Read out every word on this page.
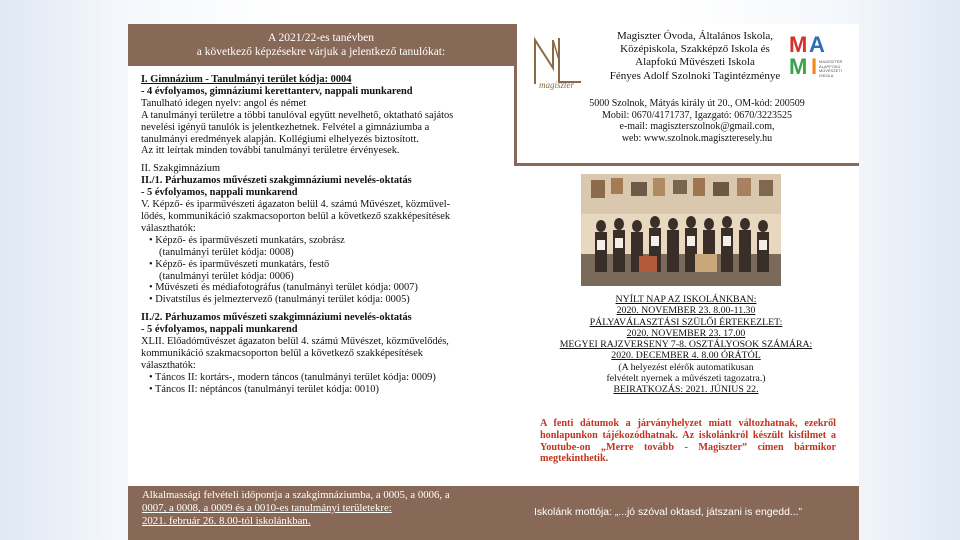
A 2021/22-es tanévben
a következő képzésekre várjuk a jelentkező tanulókat:

I. Gimnázium - Tanulmányi terület kódja: 0004

- 4 évfolyamos, gimnáziumi kerettanterv, nappali munkarend

Tanulható idegen nyelv: angol és német

A tanulmányi területre a többi tanulóval együtt nevelhető, oktatható sajátos

nevelési igényű tanulók is jelentkezhetnek. Felvétel a gimnáziumba a

tanulmányi eredmények alapján. Kollégiumi elhelyezés biztosított.

Az itt leírtak minden további tanulmányi területre érvényesek.

II. Szakgimnázium

II./1. Párhuzamos művészeti szakgimnáziumi nevelés-oktatás

- 5 évfolyamos, nappali munkarend

V. Képző- és iparművészeti ágazaton belül 4. számú Művészet, közművel-

lődés, kommunikáció szakmacsoporton belül a következő szakképesítések

választhatók:

• Képző- és iparművészeti munkatárs, szobrász

(tanulmányi terület kódja: 0008)

• Képző- és iparművészeti munkatárs, festő

(tanulmányi terület kódja: 0006)

• Művészeti és médiafotográfus (tanulmányi terület kódja: 0007)

• Divatstílus és jelmeztervező (tanulmányi terület kódja: 0005)

II./2. Párhuzamos művészeti szakgimnáziumi nevelés-oktatás

- 5 évfolyamos, nappali munkarend

XLII. Előadóművészet ágazaton belül 4. számú Művészet, közművelődés,

kommunikáció szakmacsoporton belül a következő szakképesítések

választhatók:

• Táncos II: kortárs-, modern táncos (tanulmányi terület kódja: 0009)

• Táncos II: néptáncos (tanulmányi terület kódja: 0010)

Alkalmassági felvételi időpontja a szakgimnáziumba, a 0005, a 0006, a
0007, a 0008, a 0009 és a 0010-es tanulmányi területekre:
2021. február 26. 8.00-tól iskolánkban.
magiszter
Magiszter Óvoda, Általános Iskola,
Középiskola, Szakképző Iskola és
Alapfokú Művészeti Iskola
Fényes Adolf Szolnoki Tagintézménye
M A
M I MAGISZTER ALAPFOKÚ MŰVÉSZETI ISKOLA
5000 Szolnok, Mátyás király út 20., OM-kód: 200509
Mobil: 0670/4171737, Igazgató: 0670/3223525
e-mail: magiszterszolnok@gmail.com,
web: www.szolnok.magiszteresely.hu
NYÍLT NAP AZ ISKOLÁNKBAN:
2020. NOVEMBER 23. 8.00-11.30
PÁLYAVÁLASZTÁSI SZÜLŐI ÉRTEKEZLET:
2020. NOVEMBER 23. 17.00
MEGYEI RAJZVERSENY 7-8. OSZTÁLYOSOK SZÁMÁRA:
2020. DECEMBER 4. 8.00 ÓRÁTÓL
(A helyezést elérők automatikusan
felvételt nyernek a művészeti tagozatra.)
BEIRATKOZÁS: 2021. JÚNIUS 22.
A fenti dátumok a járványhelyzet miatt változhatnak, ezekről honlapunkon tájékozódhatnak. Az iskolánkról készült kisfilmet a Youtube-on „Merre tovább - Magiszter” címen bármikor megtekinthetik.
Iskolánk mottója: „...jó szóval oktasd, játszani is engedd...”
